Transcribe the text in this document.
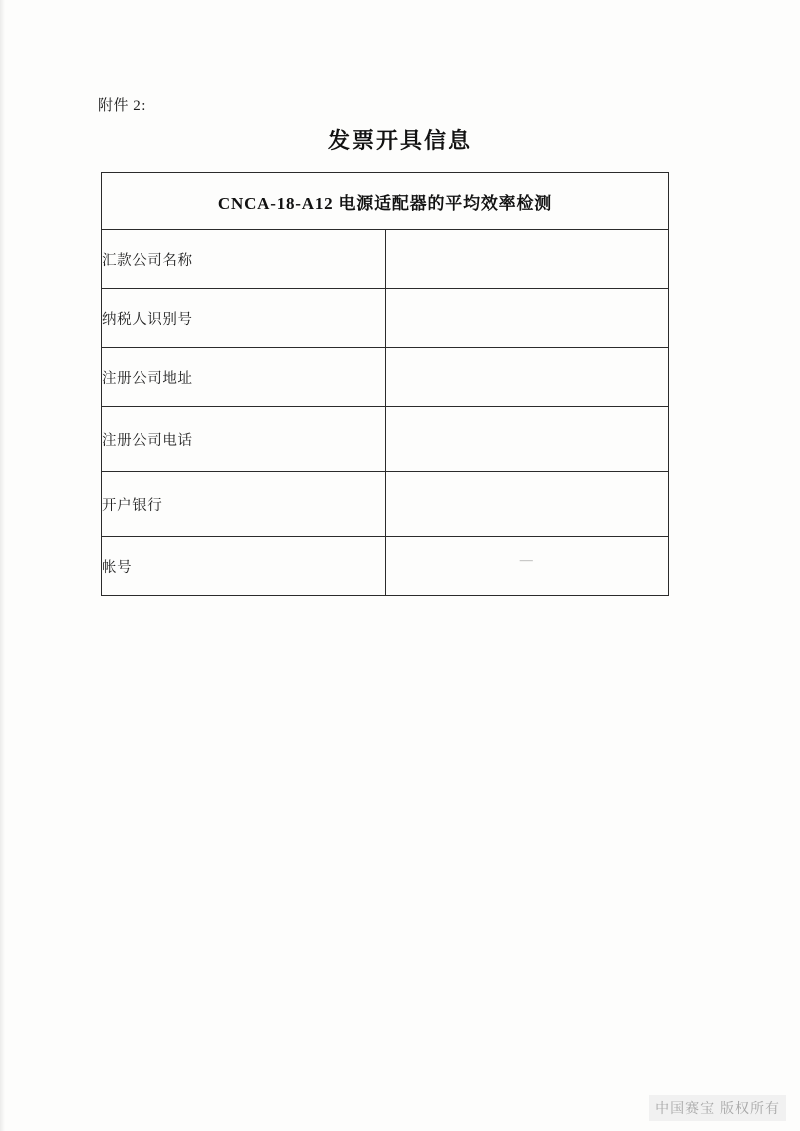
附件 2:
发票开具信息
CNCA-18-A12 电源适配器的平均效率检测	
汇款公司名称	
纳税人识别号	
注册公司地址	
注册公司电话	
开户银行	
帐号	—
中国赛宝 版权所有
